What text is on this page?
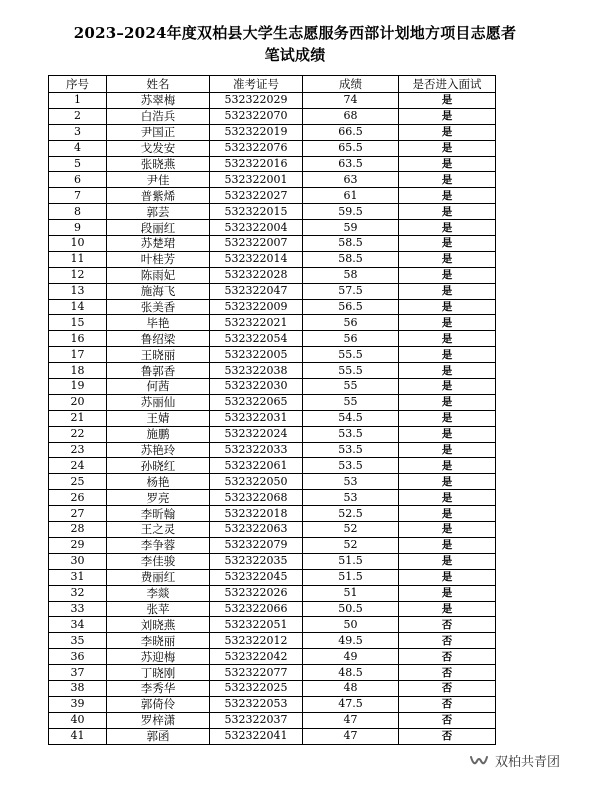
2023–2024年度双柏县大学生志愿服务西部计划地方项目志愿者
笔试成绩
序号	姓名	准考证号	成绩	是否进入面试
1	苏翠梅	532322029	74	是
2	白浩兵	532322070	68	是
3	尹国正	532322019	66.5	是
4	戈发安	532322076	65.5	是
5	张晓燕	532322016	63.5	是
6	尹佳	532322001	63	是
7	普紫烯	532322027	61	是
8	郭芸	532322015	59.5	是
9	段丽红	532322004	59	是
10	苏楚珺	532322007	58.5	是
11	叶桂芳	532322014	58.5	是
12	陈雨妃	532322028	58	是
13	施海飞	532322047	57.5	是
14	张美香	532322009	56.5	是
15	毕艳	532322021	56	是
16	鲁绍梁	532322054	56	是
17	王晓丽	532322005	55.5	是
18	鲁郭香	532322038	55.5	是
19	何茜	532322030	55	是
20	苏丽仙	532322065	55	是
21	王婧	532322031	54.5	是
22	施鹏	532322024	53.5	是
23	苏艳玲	532322033	53.5	是
24	孙晓红	532322061	53.5	是
25	杨艳	532322050	53	是
26	罗亮	532322068	53	是
27	李昕翰	532322018	52.5	是
28	王之灵	532322063	52	是
29	李争蓉	532322079	52	是
30	李佳骏	532322035	51.5	是
31	费丽红	532322045	51.5	是
32	李燚	532322026	51	是
33	张苹	532322066	50.5	是
34	刘晓燕	532322051	50	否
35	李晓丽	532322012	49.5	否
36	苏迎梅	532322042	49	否
37	丁晓刚	532322077	48.5	否
38	李秀华	532322025	48	否
39	郭倚伶	532322053	47.5	否
40	罗梓潇	532322037	47	否
41	郭函	532322041	47	否
双柏共青团
